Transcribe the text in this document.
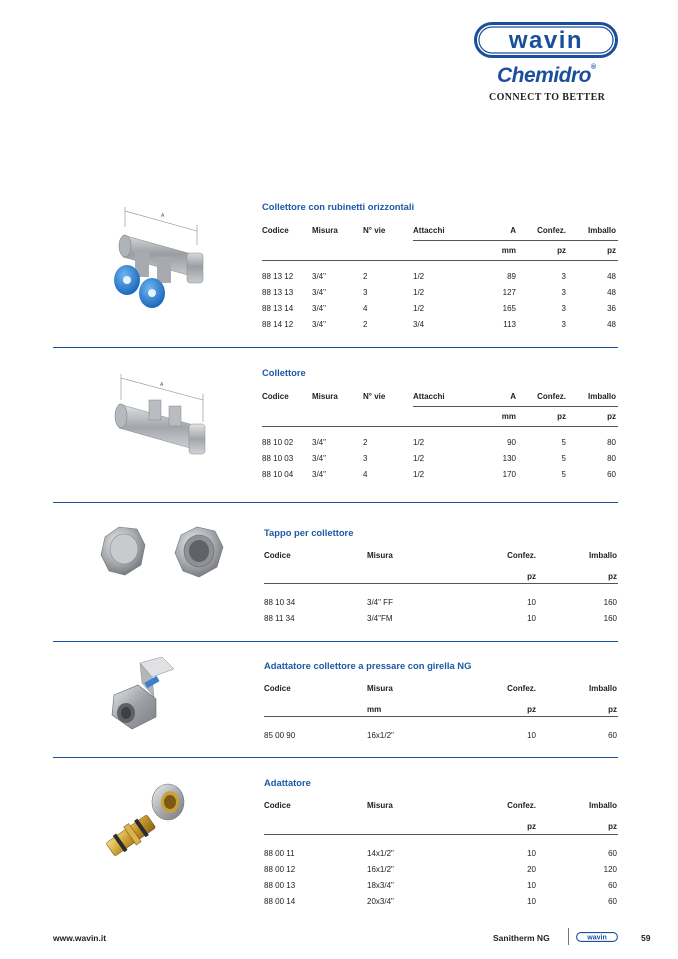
wavin
Chemidro®
CONNECT TO BETTER
A
Collettore con rubinetti orizzontali
Codice	Misura	N° vie	Attacchi	A	Confez.	Imballo
mm	pz	pz
88 13 12 3/4"	2	1/2	89	3	48
88 13 13 3/4"	3	1/2	127	3	48
88 13 14 3/4"	4	1/2	165	3	36
88 14 12 3/4"	2	3/4	113	3	48
A
Collettore
Codice	Misura	N° vie	Attacchi	A	Confez.	Imballo
mm	pz	pz
88 10 02 3/4"	2	1/2	90	5	80
88 10 03 3/4"	3	1/2	130	5	80
88 10 04 3/4"	4	1/2	170	5	60
Tappo per collettore
Codice	Misura	Confez.	Imballo
pz	pz
88 10 34	3/4" FF	10	160
88 11 34	3/4"FM	10	160
Adattatore collettore a pressare con girella NG
Codice	Misura	Confez.	Imballo
mm	pz	pz
85 00 90	16x1/2"	10	60
Adattatore
Codice	Misura	Confez.	Imballo
pz	pz
88 00 11	14x1/2"	10	60
88 00 12	16x1/2"	20	120
88 00 13	18x3/4"	10	60
88 00 14	20x3/4"	10	60
www.wavin.it	Sanitherm NG	wavin	59
